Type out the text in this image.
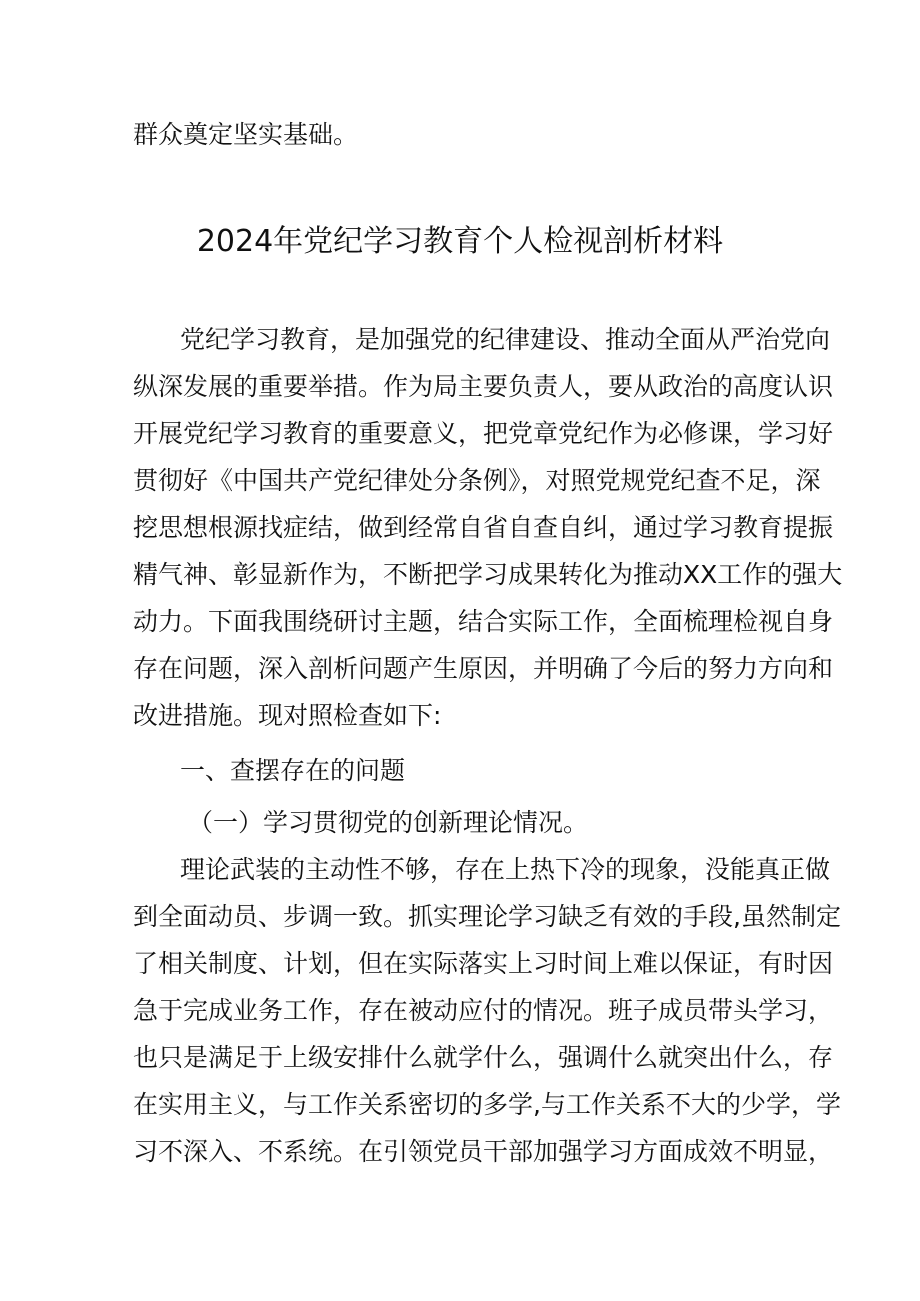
群众奠定坚实基础。
2024年党纪学习教育个人检视剖析材料
党纪学习教育，是加强党的纪律建设、推动全面从严治党向
纵深发展的重要举措。作为局主要负责人，要从政治的高度认识
开展党纪学习教育的重要意义，把党章党纪作为必修课，学习好
贯彻好《中国共产党纪律处分条例》，对照党规党纪查不足，深
挖思想根源找症结，做到经常自省自查自纠，通过学习教育提振
精气神、彰显新作为，不断把学习成果转化为推动XX工作的强大
动力。下面我围绕研讨主题，结合实际工作，全面梳理检视自身
存在问题，深入剖析问题产生原因，并明确了今后的努力方向和
改进措施。现对照检查如下:
一、查摆存在的问题
（一）学习贯彻党的创新理论情况。
理论武装的主动性不够，存在上热下冷的现象，没能真正做
到全面动员、步调一致。抓实理论学习缺乏有效的手段,虽然制定
了相关制度、计划，但在实际落实上习时间上难以保证，有时因
急于完成业务工作，存在被动应付的情况。班子成员带头学习，
也只是满足于上级安排什么就学什么，强调什么就突出什么，存
在实用主义，与工作关系密切的多学,与工作关系不大的少学，学
习不深入、不系统。在引领党员干部加强学习方面成效不明显，
